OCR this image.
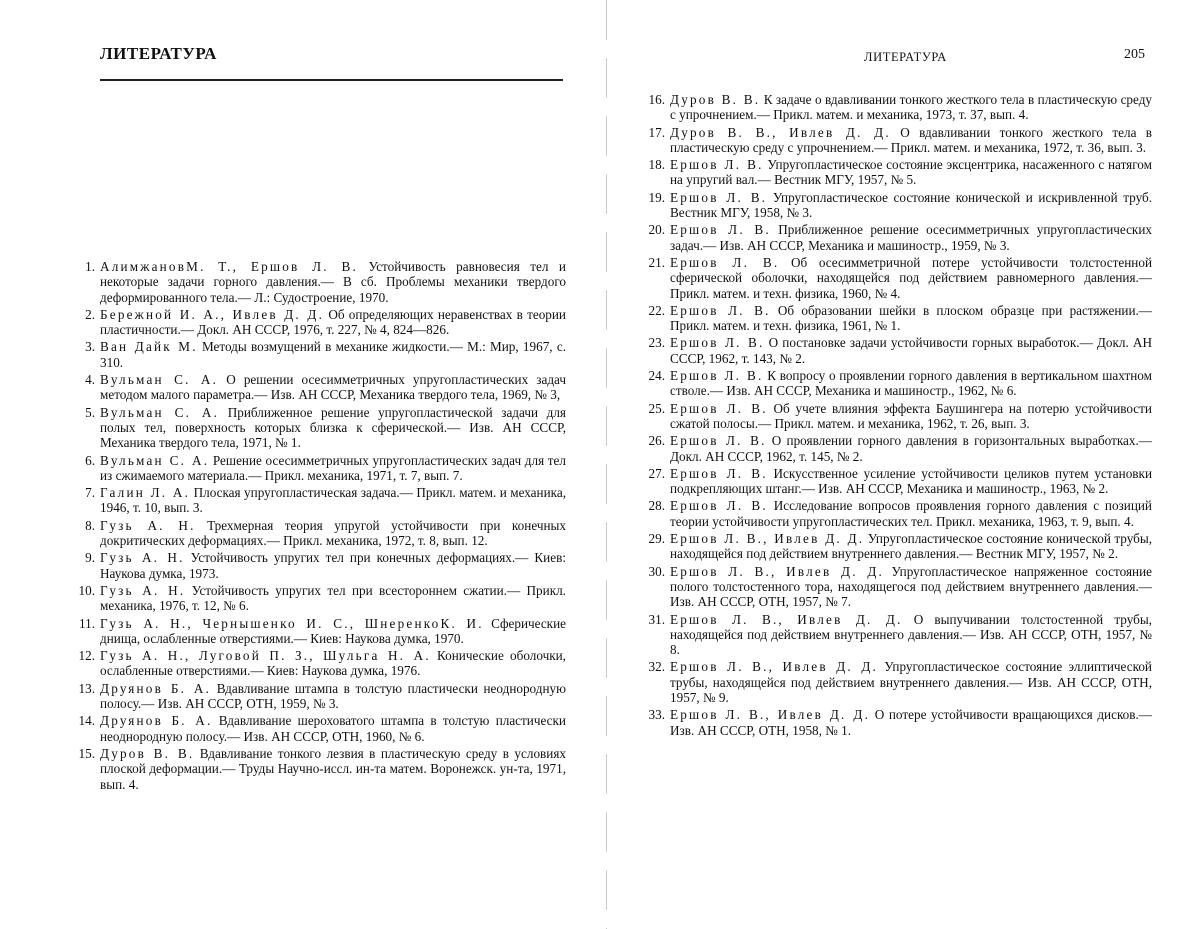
ЛИТЕРАТУРА
1. АлимжановМ. Т., Ершов Л. В. Устойчивость равновесия тел и некоторые задачи горного давления.— В сб. Проблемы механики твердого деформированного тела.— Л.: Судостроение, 1970.
2. Бережной И. А., Ивлев Д. Д. Об определяющих неравенствах в теории пластичности.— Докл. АН СССР, 1976, т. 227, № 4, 824—826.
3. Ван Дайк М. Методы возмущений в механике жидкости.— М.: Мир, 1967, с. 310.
4. Вульман С. А. О решении осесимметричных упругопластических задач методом малого параметра.— Изв. АН СССР, Механика твердого тела, 1969, № 3,
5. Вульман С. А. Приближенное решение упругопластической задачи для полых тел, поверхность которых близка к сферической.— Изв. АН СССР, Механика твердого тела, 1971, № 1.
6. Вульман С. А. Решение осесимметричных упругопластических задач для тел из сжимаемого материала.— Прикл. механика, 1971, т. 7, вып. 7.
7. Галин Л. А. Плоская упругопластическая задача.— Прикл. матем. и механика, 1946, т. 10, вып. 3.
8. Гузь А. Н. Трехмерная теория упругой устойчивости при конечных докритических деформациях.— Прикл. механика, 1972, т. 8, вып. 12.
9. Гузь А. Н. Устойчивость упругих тел при конечных деформациях.— Киев: Наукова думка, 1973.
10. Гузь А. Н. Устойчивость упругих тел при всестороннем сжатии.— Прикл. механика, 1976, т. 12, № 6.
11. Гузь А. Н., Чернышенко И. С., ШнеренкоК. И. Сферические днища, ослабленные отверстиями.— Киев: Наукова думка, 1970.
12. Гузь А. Н., Луговой П. З., Шульга Н. А. Конические оболочки, ослабленные отверстиями.— Киев: Наукова думка, 1976.
13. Друянов Б. А. Вдавливание штампа в толстую пластически неоднородную полосу.— Изв. АН СССР, ОТН, 1959, № 3.
14. Друянов Б. А. Вдавливание шероховатого штампа в толстую пластически неоднородную полосу.— Изв. АН СССР, ОТН, 1960, № 6.
15. Дуров В. В. Вдавливание тонкого лезвия в пластическую среду в условиях плоской деформации.— Труды Научно-иссл. ин-та матем. Воронежск. ун-та, 1971, вып. 4.
ЛИТЕРАТУРА	205
16. Дуров В. В. К задаче о вдавливании тонкого жесткого тела в пластическую среду с упрочнением.— Прикл. матем. и механика, 1973, т. 37, вып. 4.
17. Дуров В. В., Ивлев Д. Д. О вдавливании тонкого жесткого тела в пластическую среду с упрочнением.— Прикл. матем. и механика, 1972, т. 36, вып. 3.
18. Ершов Л. В. Упругопластическое состояние эксцентрика, насаженного с натягом на упругий вал.— Вестник МГУ, 1957, № 5.
19. Ершов Л. В. Упругопластическое состояние конической и искривленной труб. Вестник МГУ, 1958, № 3.
20. Ершов Л. В. Приближенное решение осесимметричных упругопластических задач.— Изв. АН СССР, Механика и машиностр., 1959, № 3.
21. Ершов Л. В. Об осесимметричной потере устойчивости толстостенной сферической оболочки, находящейся под действием равномерного давления.— Прикл. матем. и техн. физика, 1960, № 4.
22. Ершов Л. В. Об образовании шейки в плоском образце при растяжении.— Прикл. матем. и техн. физика, 1961, № 1.
23. Ершов Л. В. О постановке задачи устойчивости горных выработок.— Докл. АН СССР, 1962, т. 143, № 2.
24. Ершов Л. В. К вопросу о проявлении горного давления в вертикальном шахтном стволе.— Изв. АН СССР, Механика и машиностр., 1962, № 6.
25. Ершов Л. В. Об учете влияния эффекта Баушингера на потерю устойчивости сжатой полосы.— Прикл. матем. и механика, 1962, т. 26, вып. 3.
26. Ершов Л. В. О проявлении горного давления в горизонтальных выработках.— Докл. АН СССР, 1962, т. 145, № 2.
27. Ершов Л. В. Искусственное усиление устойчивости целиков путем установки подкрепляющих штанг.— Изв. АН СССР, Механика и машиностр., 1963, № 2.
28. Ершов Л. В. Исследование вопросов проявления горного давления с позиций теории устойчивости упругопластических тел. Прикл. механика, 1963, т. 9, вып. 4.
29. Ершов Л. В., Ивлев Д. Д. Упругопластическое состояние конической трубы, находящейся под действием внутреннего давления.— Вестник МГУ, 1957, № 2.
30. Ершов Л. В., Ивлев Д. Д. Упругопластическое напряженное состояние полого толстостенного тора, находящегося под действием внутреннего давления.— Изв. АН СССР, ОТН, 1957, № 7.
31. Ершов Л. В., Ивлев Д. Д. О выпучивании толстостенной трубы, находящейся под действием внутреннего давления.— Изв. АН СССР, ОТН, 1957, № 8.
32. Ершов Л. В., Ивлев Д. Д. Упругопластическое состояние эллиптической трубы, находящейся под действием внутреннего давления.— Изв. АН СССР, ОТН, 1957, № 9.
33. Ершов Л. В., Ивлев Д. Д. О потере устойчивости вращающихся дисков.— Изв. АН СССР, ОТН, 1958, № 1.
